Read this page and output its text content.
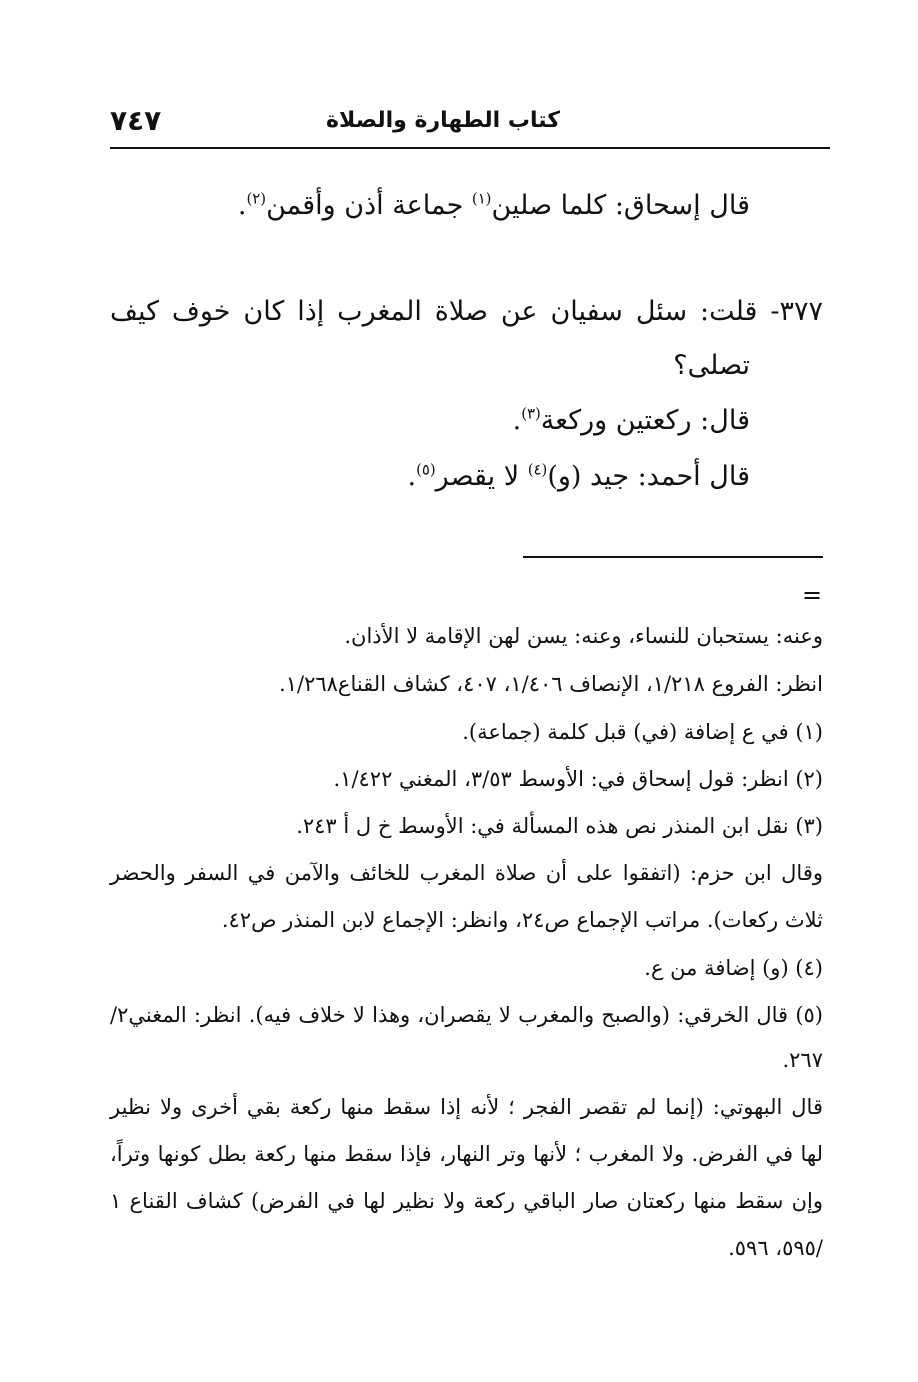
٧٤٧	كتاب الطهارة والصلاة
قال إسحاق: كلما صلين$^{(١)}$ جماعة أذن وأقمن$^{(٢)}$.
٣٧٧- قلت: سئل سفيان عن صلاة المغرب إذا كان خوف كيف
تصلى؟
قال: ركعتين وركعة$^{(٣)}$.
قال أحمد: جيد (و)$^{(٤)}$ لا يقصر$^{(٥)}$.
=
وعنه: يستحبان للنساء، وعنه: يسن لهن الإقامة لا الأذان.
انظر: الفروع ١/٢١٨، الإنصاف ١/٤٠٦، ٤٠٧، كشاف القناع١/٢٦٨.
(١) في ع إضافة (في) قبل كلمة (جماعة).
(٢) انظر: قول إسحاق في: الأوسط ٣/٥٣، المغني ١/٤٢٢.
(٣) نقل ابن المنذر نص هذه المسألة في: الأوسط خ ل أ ٢٤٣.
وقال ابن حزم: (اتفقوا على أن صلاة المغرب للخائف والآمن في السفر والحضر
ثلاث ركعات). مراتب الإجماع ص٢٤، وانظر: الإجماع لابن المنذر ص٤٢.
(٤) (و) إضافة من ع.
(٥) قال الخرقي: (والصبح والمغرب لا يقصران، وهذا لا خلاف فيه). انظر: المغني٢/
٢٦٧.
قال البهوتي: (إنما لم تقصر الفجر ؛ لأنه إذا سقط منها ركعة بقي أخرى ولا نظير
لها في الفرض. ولا المغرب ؛ لأنها وتر النهار، فإذا سقط منها ركعة بطل كونها وتراً،
وإن سقط منها ركعتان صار الباقي ركعة ولا نظير لها في الفرض) كشاف القناع ١
/٥٩٥، ٥٩٦.
